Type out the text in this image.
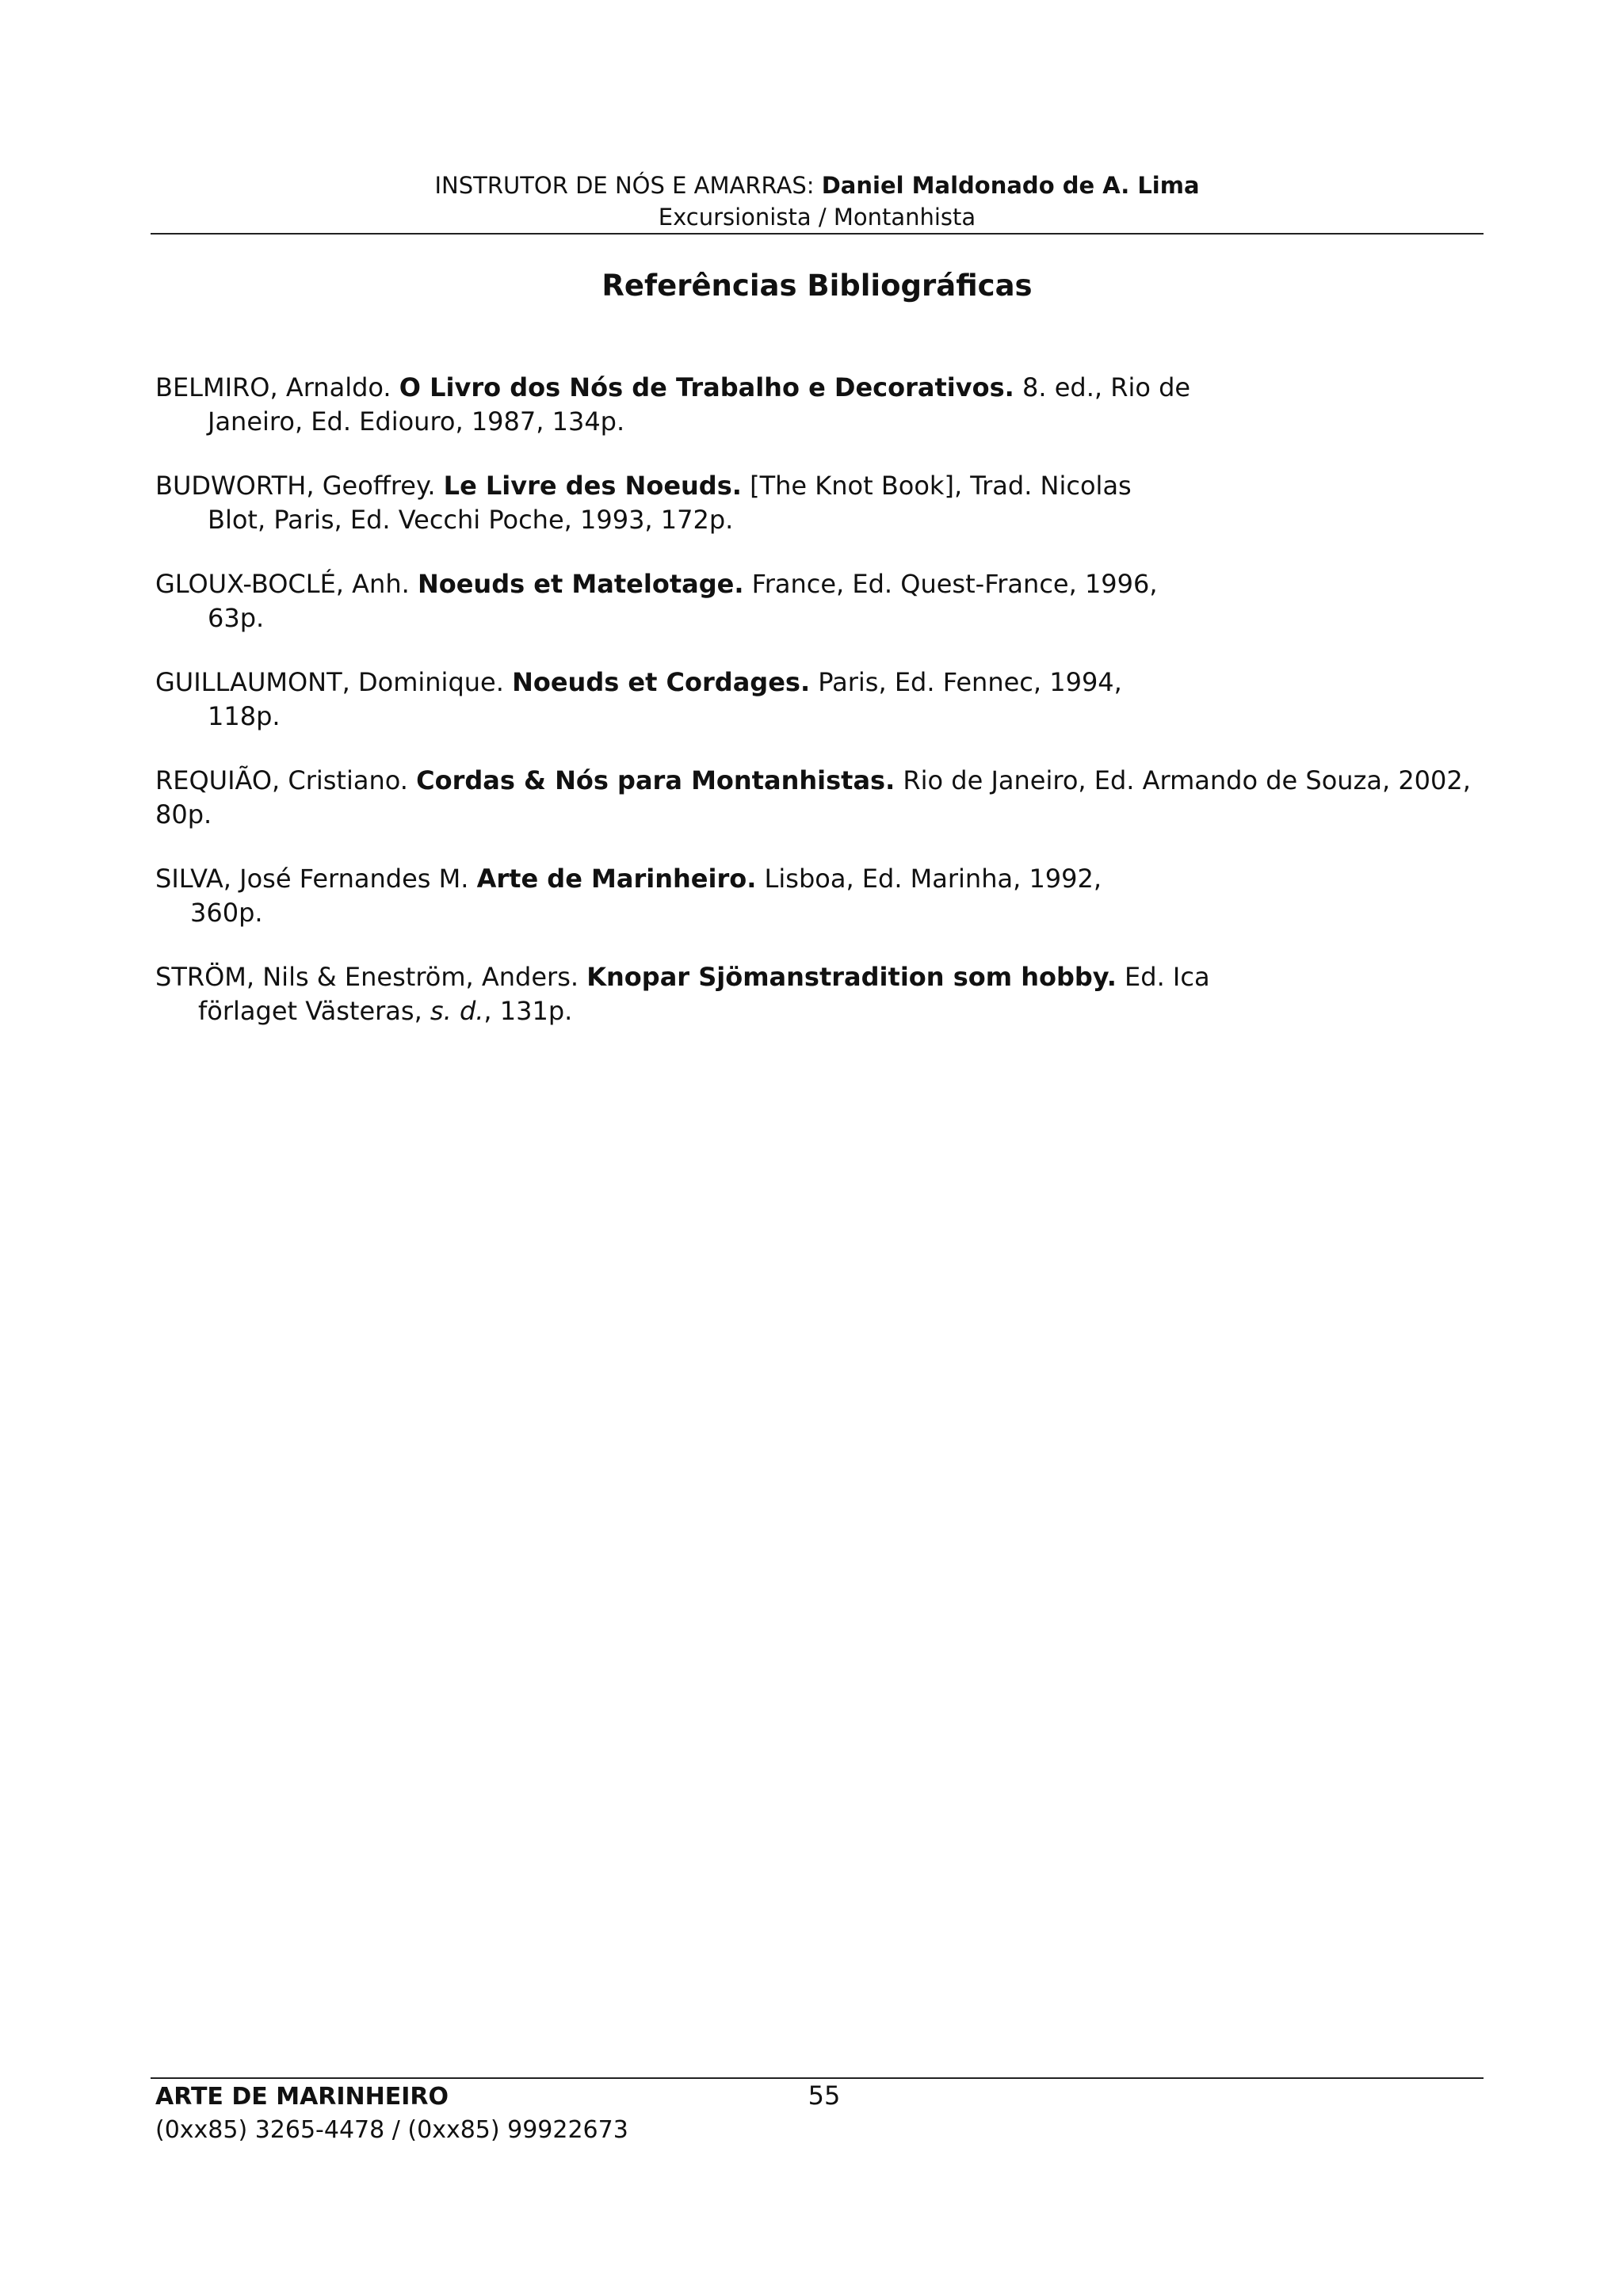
INSTRUTOR DE NÓS E AMARRAS: Daniel Maldonado de A. Lima
Excursionista / Montanhista
Referências Bibliográficas
BELMIRO, Arnaldo. O Livro dos Nós de Trabalho e Decorativos. 8. ed., Rio de
Janeiro, Ed. Ediouro, 1987, 134p.
BUDWORTH, Geoffrey. Le Livre des Noeuds. [The Knot Book], Trad. Nicolas
Blot, Paris, Ed. Vecchi Poche, 1993, 172p.
GLOUX-BOCLÉ, Anh. Noeuds et Matelotage. France, Ed. Quest-France, 1996,
63p.
GUILLAUMONT, Dominique. Noeuds et Cordages. Paris, Ed. Fennec, 1994,
118p.
REQUIÃO, Cristiano. Cordas & Nós para Montanhistas. Rio de Janeiro, Ed. Armando de Souza, 2002,
80p.
SILVA, José Fernandes M. Arte de Marinheiro. Lisboa, Ed. Marinha, 1992,
360p.
STRÖM, Nils & Eneström, Anders. Knopar Sjömanstradition som hobby. Ed. Ica
förlaget Västeras, s. d., 131p.
ARTE DE MARINHEIRO
(0xx85) 3265-4478 / (0xx85) 99922673
55
